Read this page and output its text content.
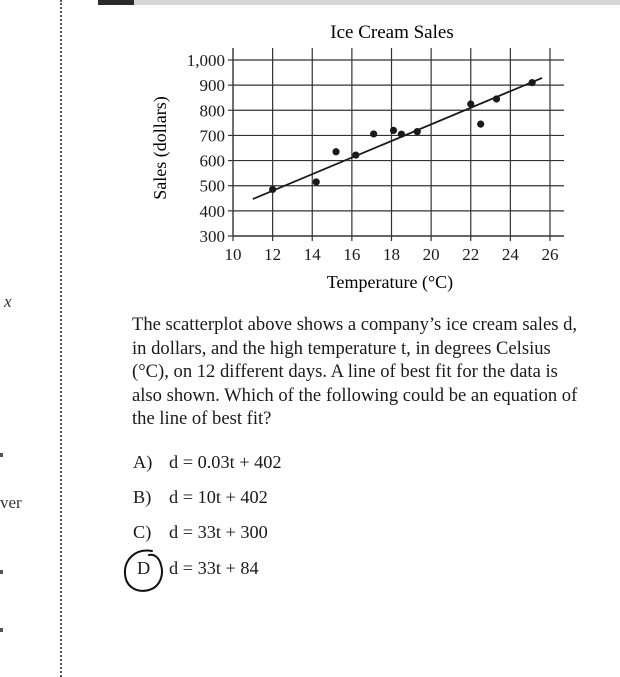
x
ver
Ice Cream Sales
300
400
500
600
700
800
900
1,000
10 12 14 16 18 20 22 24 26
Temperature (°C)
Sales (dollars)

The scatterplot above shows a company’s ice cream sales d, in dollars, and the high temperature t, in degrees Celsius (°C), on 12 different days. A line of best fit for the data is also shown. Which of the following could be an equation of the line of best fit?

A) d = 0.03t + 402
B) d = 10t + 402
C) d = 33t + 300
D d = 33t + 84
